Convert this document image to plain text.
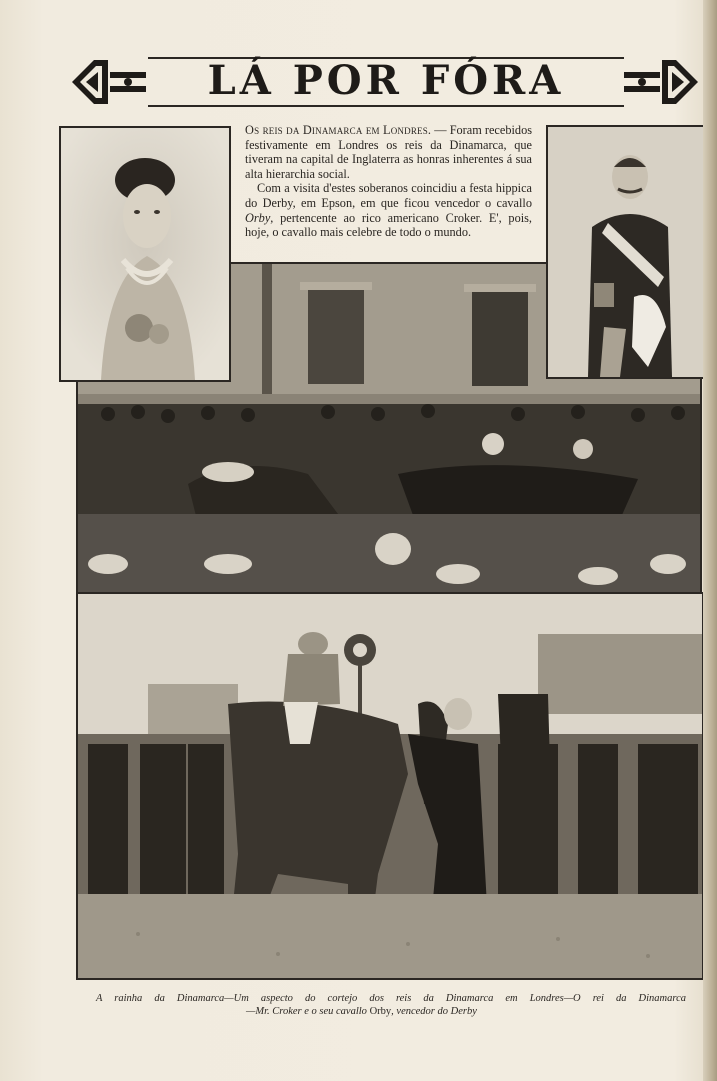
LÁ POR FÓRA

Os reis da Dinamarca em Londres. — Foram recebidos festivamente em Londres os reis da Dinamarca, que tiveram na capital de Inglaterra as honras inherentes á sua alta hierarchia social.

Com a visita d'estes soberanos coincidiu a festa hippica do Derby, em Epson, em que ficou vencedor o cavallo Orby, pertencente ao rico americano Croker. E', pois, hoje, o cavallo mais celebre de todo o mundo.

A rainha da Dinamarca—Um aspecto do cortejo dos reis da Dinamarca em Londres—O rei da Dinamarca
—Mr. Croker e o seu cavallo Orby, vencedor do Derby
